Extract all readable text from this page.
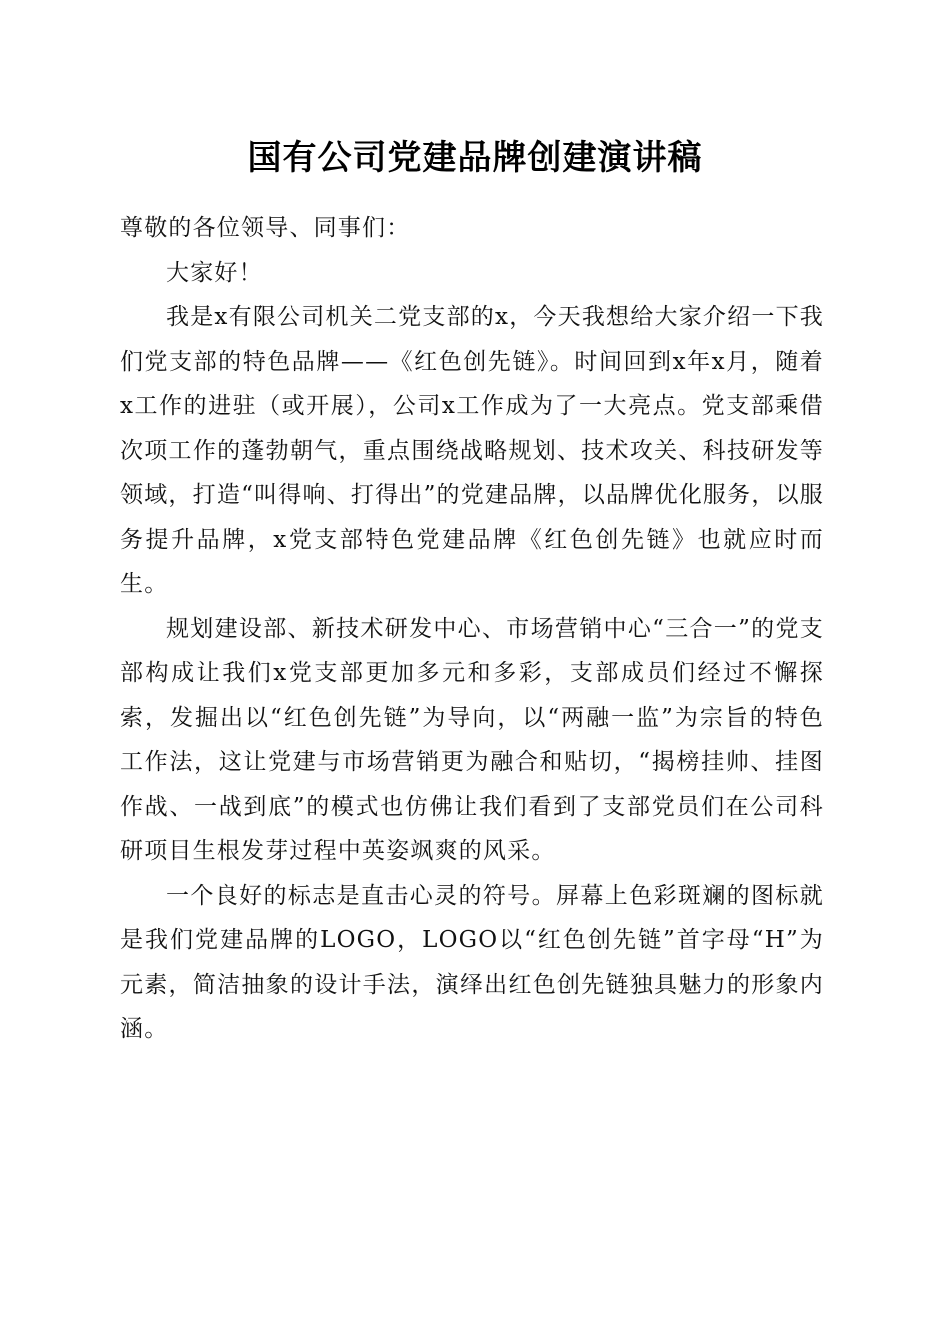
国有公司党建品牌创建演讲稿

尊敬的各位领导、同事们：

大家好！

我是x有限公司机关二党支部的x，今天我想给大家介绍一下我们党支部的特色品牌——《红色创先链》。时间回到x年x月，随着x工作的进驻（或开展），公司x工作成为了一大亮点。党支部乘借次项工作的蓬勃朝气，重点围绕战略规划、技术攻关、科技研发等领域，打造“叫得响、打得出”的党建品牌，以品牌优化服务，以服务提升品牌，x党支部特色党建品牌《红色创先链》也就应时而生。

规划建设部、新技术研发中心、市场营销中心“三合一”的党支部构成让我们x党支部更加多元和多彩，支部成员们经过不懈探索，发掘出以“红色创先链”为导向，以“两融一监”为宗旨的特色工作法，这让党建与市场营销更为融合和贴切，“揭榜挂帅、挂图作战、一战到底”的模式也仿佛让我们看到了支部党员们在公司科研项目生根发芽过程中英姿飒爽的风采。

一个良好的标志是直击心灵的符号。屏幕上色彩斑斓的图标就是我们党建品牌的LOGO，LOGO以“红色创先链”首字母“H”为元素，简洁抽象的设计手法，演绎出红色创先链独具魅力的形象内涵。
